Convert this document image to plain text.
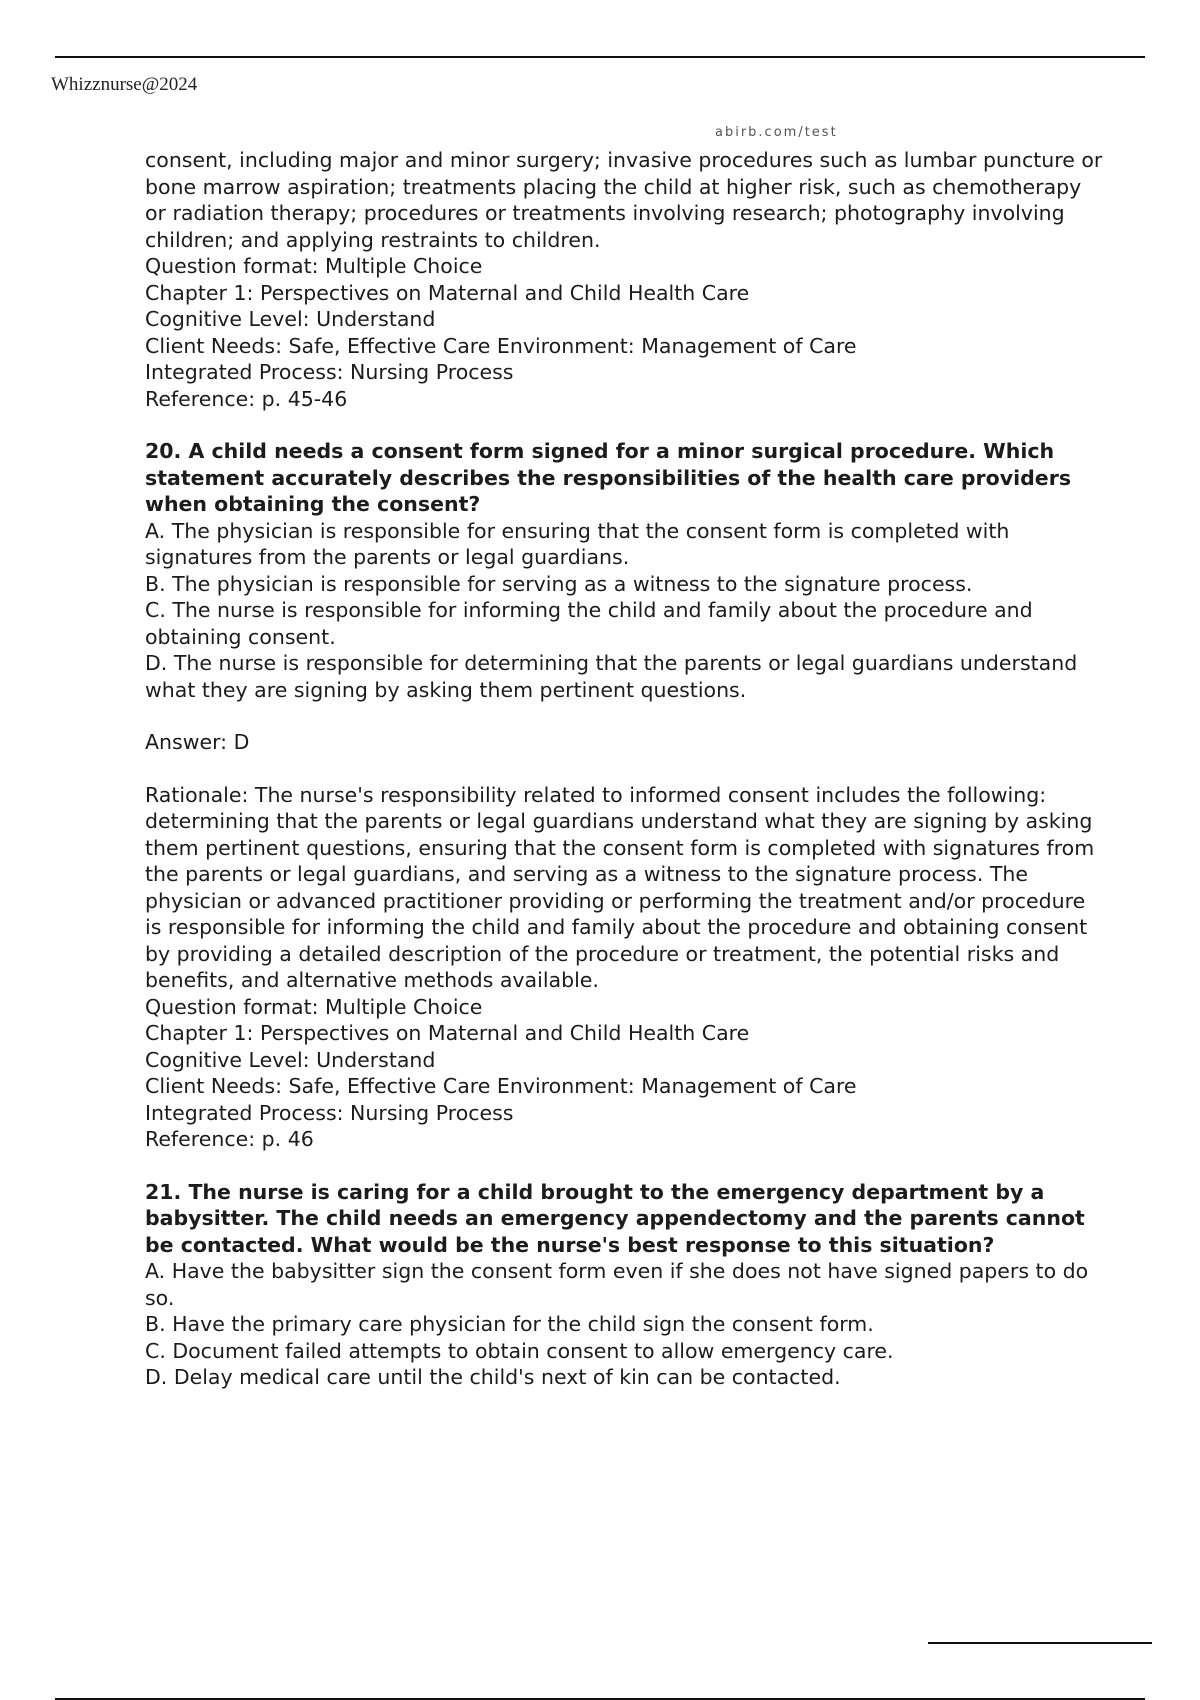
Whizznurse@2024
abirb.com/test

consent, including major and minor surgery; invasive procedures such as lumbar puncture or bone marrow aspiration; treatments placing the child at higher risk, such as chemotherapy or radiation therapy; procedures or treatments involving research; photography involving children; and applying restraints to children.

Question format: Multiple Choice

Chapter 1: Perspectives on Maternal and Child Health Care

Cognitive Level: Understand

Client Needs: Safe, Effective Care Environment: Management of Care

Integrated Process: Nursing Process

Reference: p. 45-46

20. A child needs a consent form signed for a minor surgical procedure. Which statement accurately describes the responsibilities of the health care providers when obtaining the consent?

A. The physician is responsible for ensuring that the consent form is completed with signatures from the parents or legal guardians.

B. The physician is responsible for serving as a witness to the signature process.

C. The nurse is responsible for informing the child and family about the procedure and obtaining consent.

D. The nurse is responsible for determining that the parents or legal guardians understand what they are signing by asking them pertinent questions.

Answer: D

Rationale: The nurse's responsibility related to informed consent includes the following: determining that the parents or legal guardians understand what they are signing by asking them pertinent questions, ensuring that the consent form is completed with signatures from the parents or legal guardians, and serving as a witness to the signature process. The physician or advanced practitioner providing or performing the treatment and/or procedure is responsible for informing the child and family about the procedure and obtaining consent by providing a detailed description of the procedure or treatment, the potential risks and benefits, and alternative methods available.

Question format: Multiple Choice

Chapter 1: Perspectives on Maternal and Child Health Care

Cognitive Level: Understand

Client Needs: Safe, Effective Care Environment: Management of Care

Integrated Process: Nursing Process

Reference: p. 46

21. The nurse is caring for a child brought to the emergency department by a babysitter. The child needs an emergency appendectomy and the parents cannot be contacted. What would be the nurse's best response to this situation?

A. Have the babysitter sign the consent form even if she does not have signed papers to do so.

B. Have the primary care physician for the child sign the consent form.

C. Document failed attempts to obtain consent to allow emergency care.

D. Delay medical care until the child's next of kin can be contacted.
